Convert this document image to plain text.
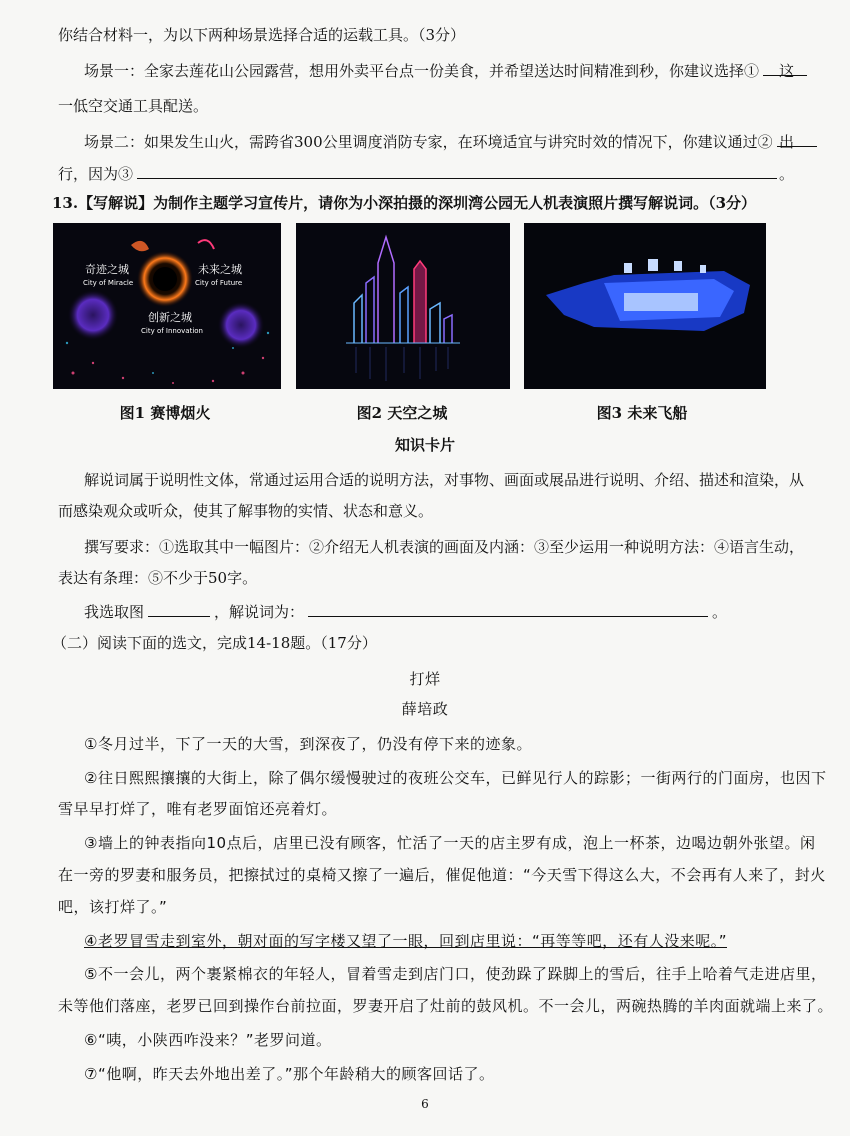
你结合材料一，为以下两种场景选择合适的运载工具。（3分）
场景一：全家去莲花山公园露营，想用外卖平台点一份美食，并希望送达时间精准到秒，你建议选择① 这
一低空交通工具配送。
场景二：如果发生山火，需跨省300公里调度消防专家，在环境适宜与讲究时效的情况下，你建议通过② 出
行，因为③	。
13.【写解说】为制作主题学习宣传片，请你为小深拍摄的深圳湾公园无人机表演照片撰写解说词。（3分）
奇迹之城
City of Miracle
未来之城
City of Future
创新之城
City of Innovation
图1 赛博烟火	图2 天空之城	图3 未来飞船
知识卡片
解说词属于说明性文体，常通过运用合适的说明方法，对事物、画面或展品进行说明、介绍、描述和渲染，从
而感染观众或听众，使其了解事物的实情、状态和意义。
撰写要求：①选取其中一幅图片：②介绍无人机表演的画面及内涵：③至少运用一种说明方法：④语言生动，
表达有条理：⑤不少于50字。
我选取图	，解说词为：	。
（二）阅读下面的选文，完成14-18题。（17分）
打烊
薛培政
①冬月过半，下了一天的大雪，到深夜了，仍没有停下来的迹象。
②往日熙熙攘攘的大街上，除了偶尔缓慢驶过的夜班公交车，已鲜见行人的踪影；一街两行的门面房，也因下
雪早早打烊了，唯有老罗面馆还亮着灯。
③墙上的钟表指向10点后，店里已没有顾客，忙活了一天的店主罗有成，泡上一杯茶，边喝边朝外张望。闲
在一旁的罗妻和服务员，把擦拭过的桌椅又擦了一遍后，催促他道：“今天雪下得这么大，不会再有人来了，封火
吧，该打烊了。”
④老罗冒雪走到室外，朝对面的写字楼又望了一眼，回到店里说：“再等等吧，还有人没来呢。”
⑤不一会儿，两个裹紧棉衣的年轻人，冒着雪走到店门口，使劲跺了跺脚上的雪后，往手上哈着气走进店里，
未等他们落座，老罗已回到操作台前拉面，罗妻开启了灶前的鼓风机。不一会儿，两碗热腾的羊肉面就端上来了。
⑥“咦，小陕西咋没来？”老罗问道。
⑦“他啊，昨天去外地出差了。”那个年龄稍大的顾客回话了。
6
